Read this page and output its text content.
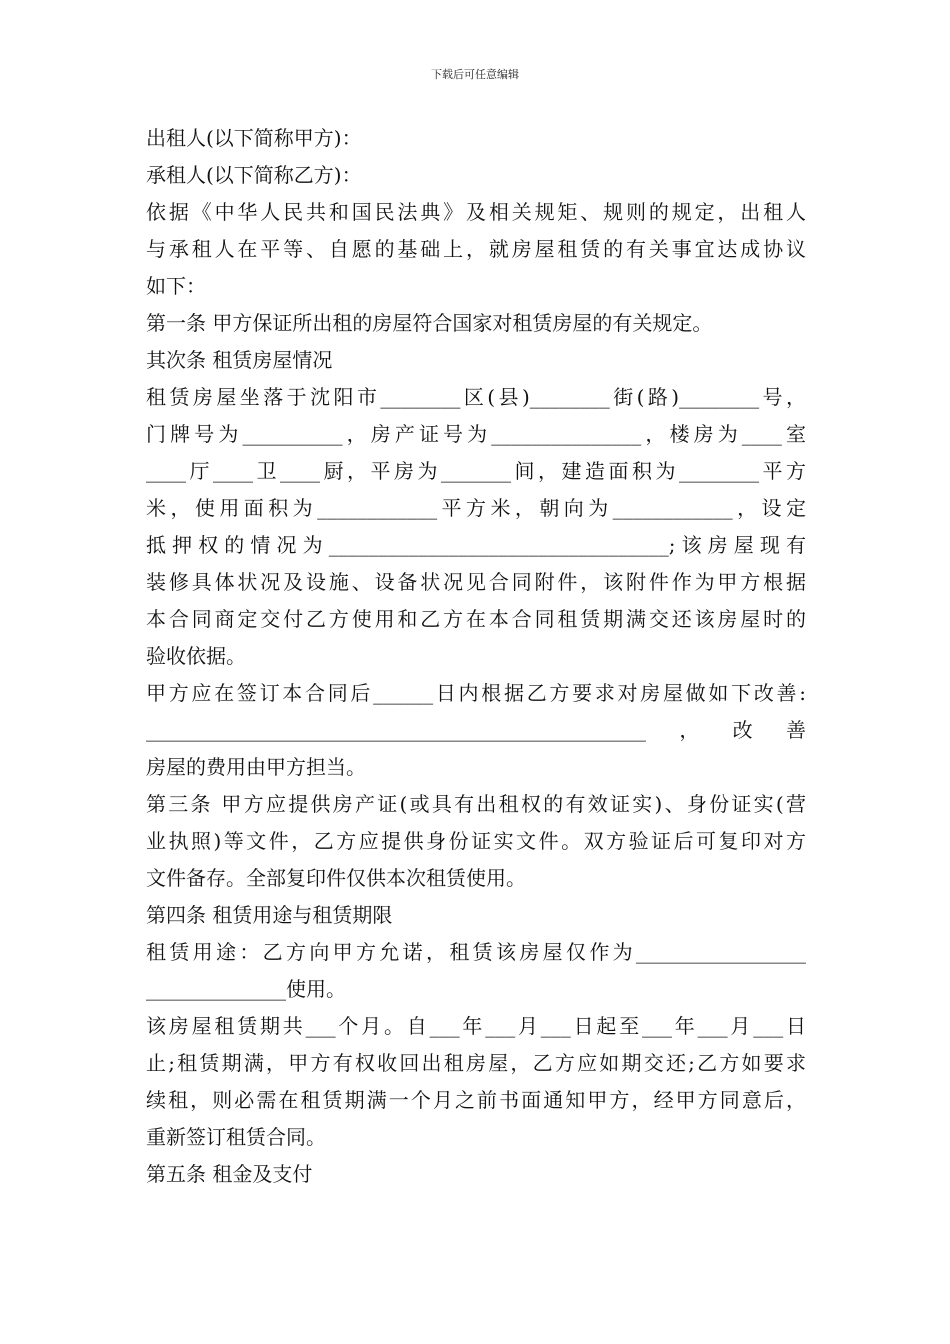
下载后可任意编辑
出租人(以下简称甲方)：
承租人(以下简称乙方)：
依据《中华人民共和国民法典》及相关规矩、规则的规定，出租人
与承租人在平等、自愿的基础上，就房屋租赁的有关事宜达成协议
如下：
第一条 甲方保证所出租的房屋符合国家对租赁房屋的有关规定。
其次条 租赁房屋情况
租赁房屋坐落于沈阳市________区(县)________街(路)________号，
门牌号为__________，房产证号为_______________，楼房为____室
____厅____卫____厨，平房为_______间，建造面积为________平方
米，使用面积为____________平方米，朝向为____________，设定
抵押权的情况为__________________________________;该房屋现有
装修具体状况及设施、设备状况见合同附件，该附件作为甲方根据
本合同商定交付乙方使用和乙方在本合同租赁期满交还该房屋时的
验收依据。
甲方应在签订本合同后______日内根据乙方要求对房屋做如下改善:
__________________________________________________，改善
房屋的费用由甲方担当。
第三条 甲方应提供房产证(或具有出租权的有效证实)、身份证实(营
业执照)等文件，乙方应提供身份证实文件。双方验证后可复印对方
文件备存。全部复印件仅供本次租赁使用。
第四条 租赁用途与租赁期限
租赁用途：乙方向甲方允诺，租赁该房屋仅作为_________________
______________使用。
该房屋租赁期共___个月。自___年___月___日起至___年___月___日
止;租赁期满，甲方有权收回出租房屋，乙方应如期交还;乙方如要求
续租，则必需在租赁期满一个月之前书面通知甲方，经甲方同意后，
重新签订租赁合同。
第五条 租金及支付
